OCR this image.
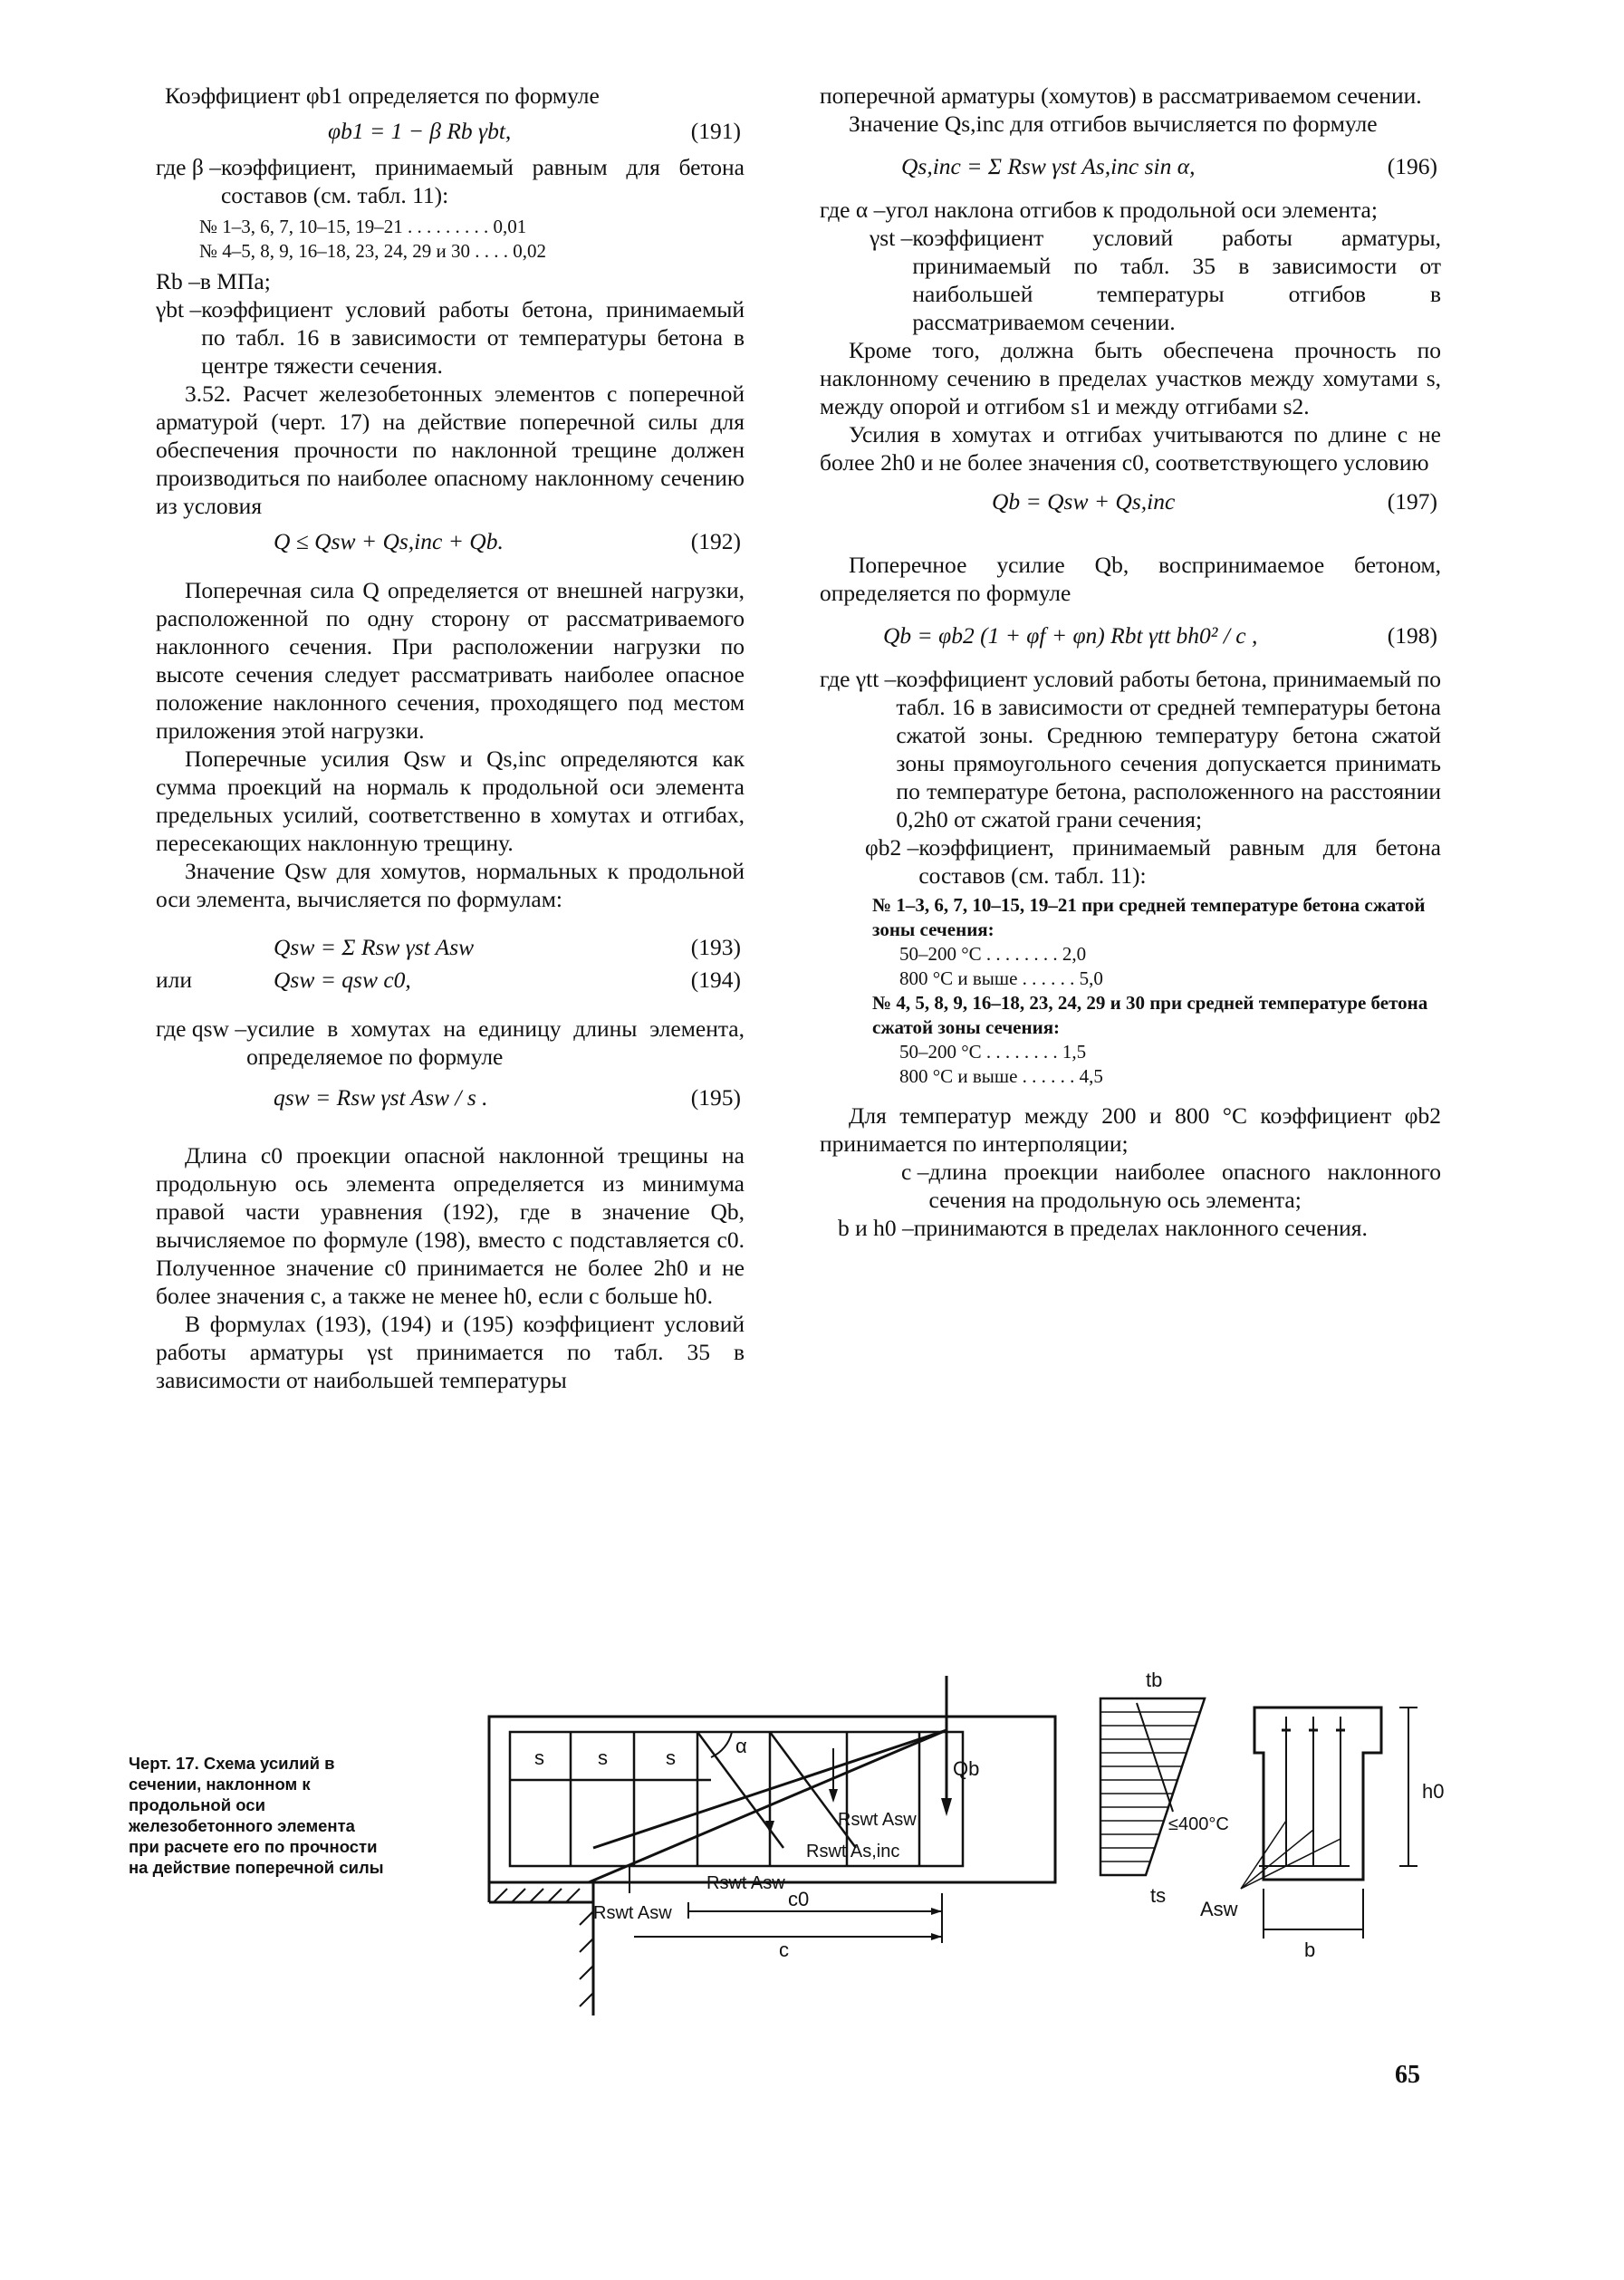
Коэффициент φb1 определяется по формуле

φb1 = 1 − β Rb γbt,	(191)
где β – коэффициент, принимаемый равным для бетона составов (см. табл. 11):

№ 1–3, 6, 7, 10–15, 19–21 . . . . . . . . . 0,01

№ 4–5, 8, 9, 16–18, 23, 24, 29 и 30 . . . . 0,02

Rb – в МПа;
γbt – коэффициент условий работы бетона, принимаемый по табл. 16 в зависимости от температуры бетона в центре тяжести сечения.

3.52. Расчет железобетонных элементов с поперечной арматурой (черт. 17) на действие поперечной силы для обеспечения прочности по наклонной трещине должен производиться по наиболее опасному наклонному сечению из условия

Q ≤ Qsw + Qs,inc + Qb.	(192)

Поперечная сила Q определяется от внешней нагрузки, расположенной по одну сторону от рассматриваемого наклонного сечения. При расположении нагрузки по высоте сечения следует рассматривать наиболее опасное положение наклонного сечения, проходящего под местом приложения этой нагрузки.

Поперечные усилия Qsw и Qs,inc определяются как сумма проекций на нормаль к продольной оси элемента предельных усилий, соответственно в хомутах и отгибах, пересекающих наклонную трещину.

Значение Qsw для хомутов, нормальных к продольной оси элемента, вычисляется по формулам:

Qsw = Σ Rsw γst Asw	(193)
или	Qsw = qsw c0,	(194)
где qsw – усилие в хомутах на единицу длины элемента, определяемое по формуле
qsw = Rsw γst Asw / s .	(195)

Длина c0 проекции опасной наклонной трещины на продольную ось элемента определяется из минимума правой части уравнения (192), где в значение Qb, вычисляемое по формуле (198), вместо c подставляется c0. Полученное значение c0 принимается не более 2h0 и не более значения c, а также не менее h0, если c больше h0.

В формулах (193), (194) и (195) коэффициент условий работы арматуры γst принимается по табл. 35 в зависимости от наибольшей температуры

поперечной арматуры (хомутов) в рассматриваемом сечении.

Значение Qs,inc для отгибов вычисляется по формуле

Qs,inc = Σ Rsw γst As,inc sin α,	(196)
где α – угол наклона отгибов к продольной оси элемента;
γst – коэффициент условий работы арматуры, принимаемый по табл. 35 в зависимости от наибольшей температуры отгибов в рассматриваемом сечении.

Кроме того, должна быть обеспечена прочность по наклонному сечению в пределах участков между хомутами s, между опорой и отгибом s1 и между отгибами s2.

Усилия в хомутах и отгибах учитываются по длине c не более 2h0 и не более значения c0, соответствующего условию

Qb = Qsw + Qs,inc	(197)

Поперечное усилие Qb, воспринимаемое бетоном, определяется по формуле

Qb = φb2 (1 + φf + φn) Rbt γtt bh0² / c ,	(198)
где γtt – коэффициент условий работы бетона, принимаемый по табл. 16 в зависимости от средней температуры бетона сжатой зоны. Среднюю температуру бетона сжатой зоны прямоугольного сечения допускается принимать по температуре бетона, расположенного на расстоянии 0,2h0 от сжатой грани сечения;
φb2 – коэффициент, принимаемый равным для бетона составов (см. табл. 11):

№ 1–3, 6, 7, 10–15, 19–21 при средней температуре бетона сжатой зоны сечения:

50–200 °С . . . . . . . . 2,0

800 °С и выше . . . . . . 5,0

№ 4, 5, 8, 9, 16–18, 23, 24, 29 и 30 при средней температуре бетона сжатой зоны сечения:

50–200 °С . . . . . . . . 1,5

800 °С и выше . . . . . . 4,5

Для температур между 200 и 800 °С коэффициент φb2 принимается по интерполяции;

c – длина проекции наиболее опасного наклонного сечения на продольную ось элемента;
b и h0 – принимаются в пределах наклонного сечения.
Черт. 17. Схема усилий в сечении, наклонном к продольной оси железобетонного элемента при расчете его по прочности на действие поперечной силы
s	s	s
α
Qb
Rswt Asw
Rswt As,inc
Rswt Asw
Rswt Asw
c0
c
tb
ts
≤400°C
Asw
h0
b
65
